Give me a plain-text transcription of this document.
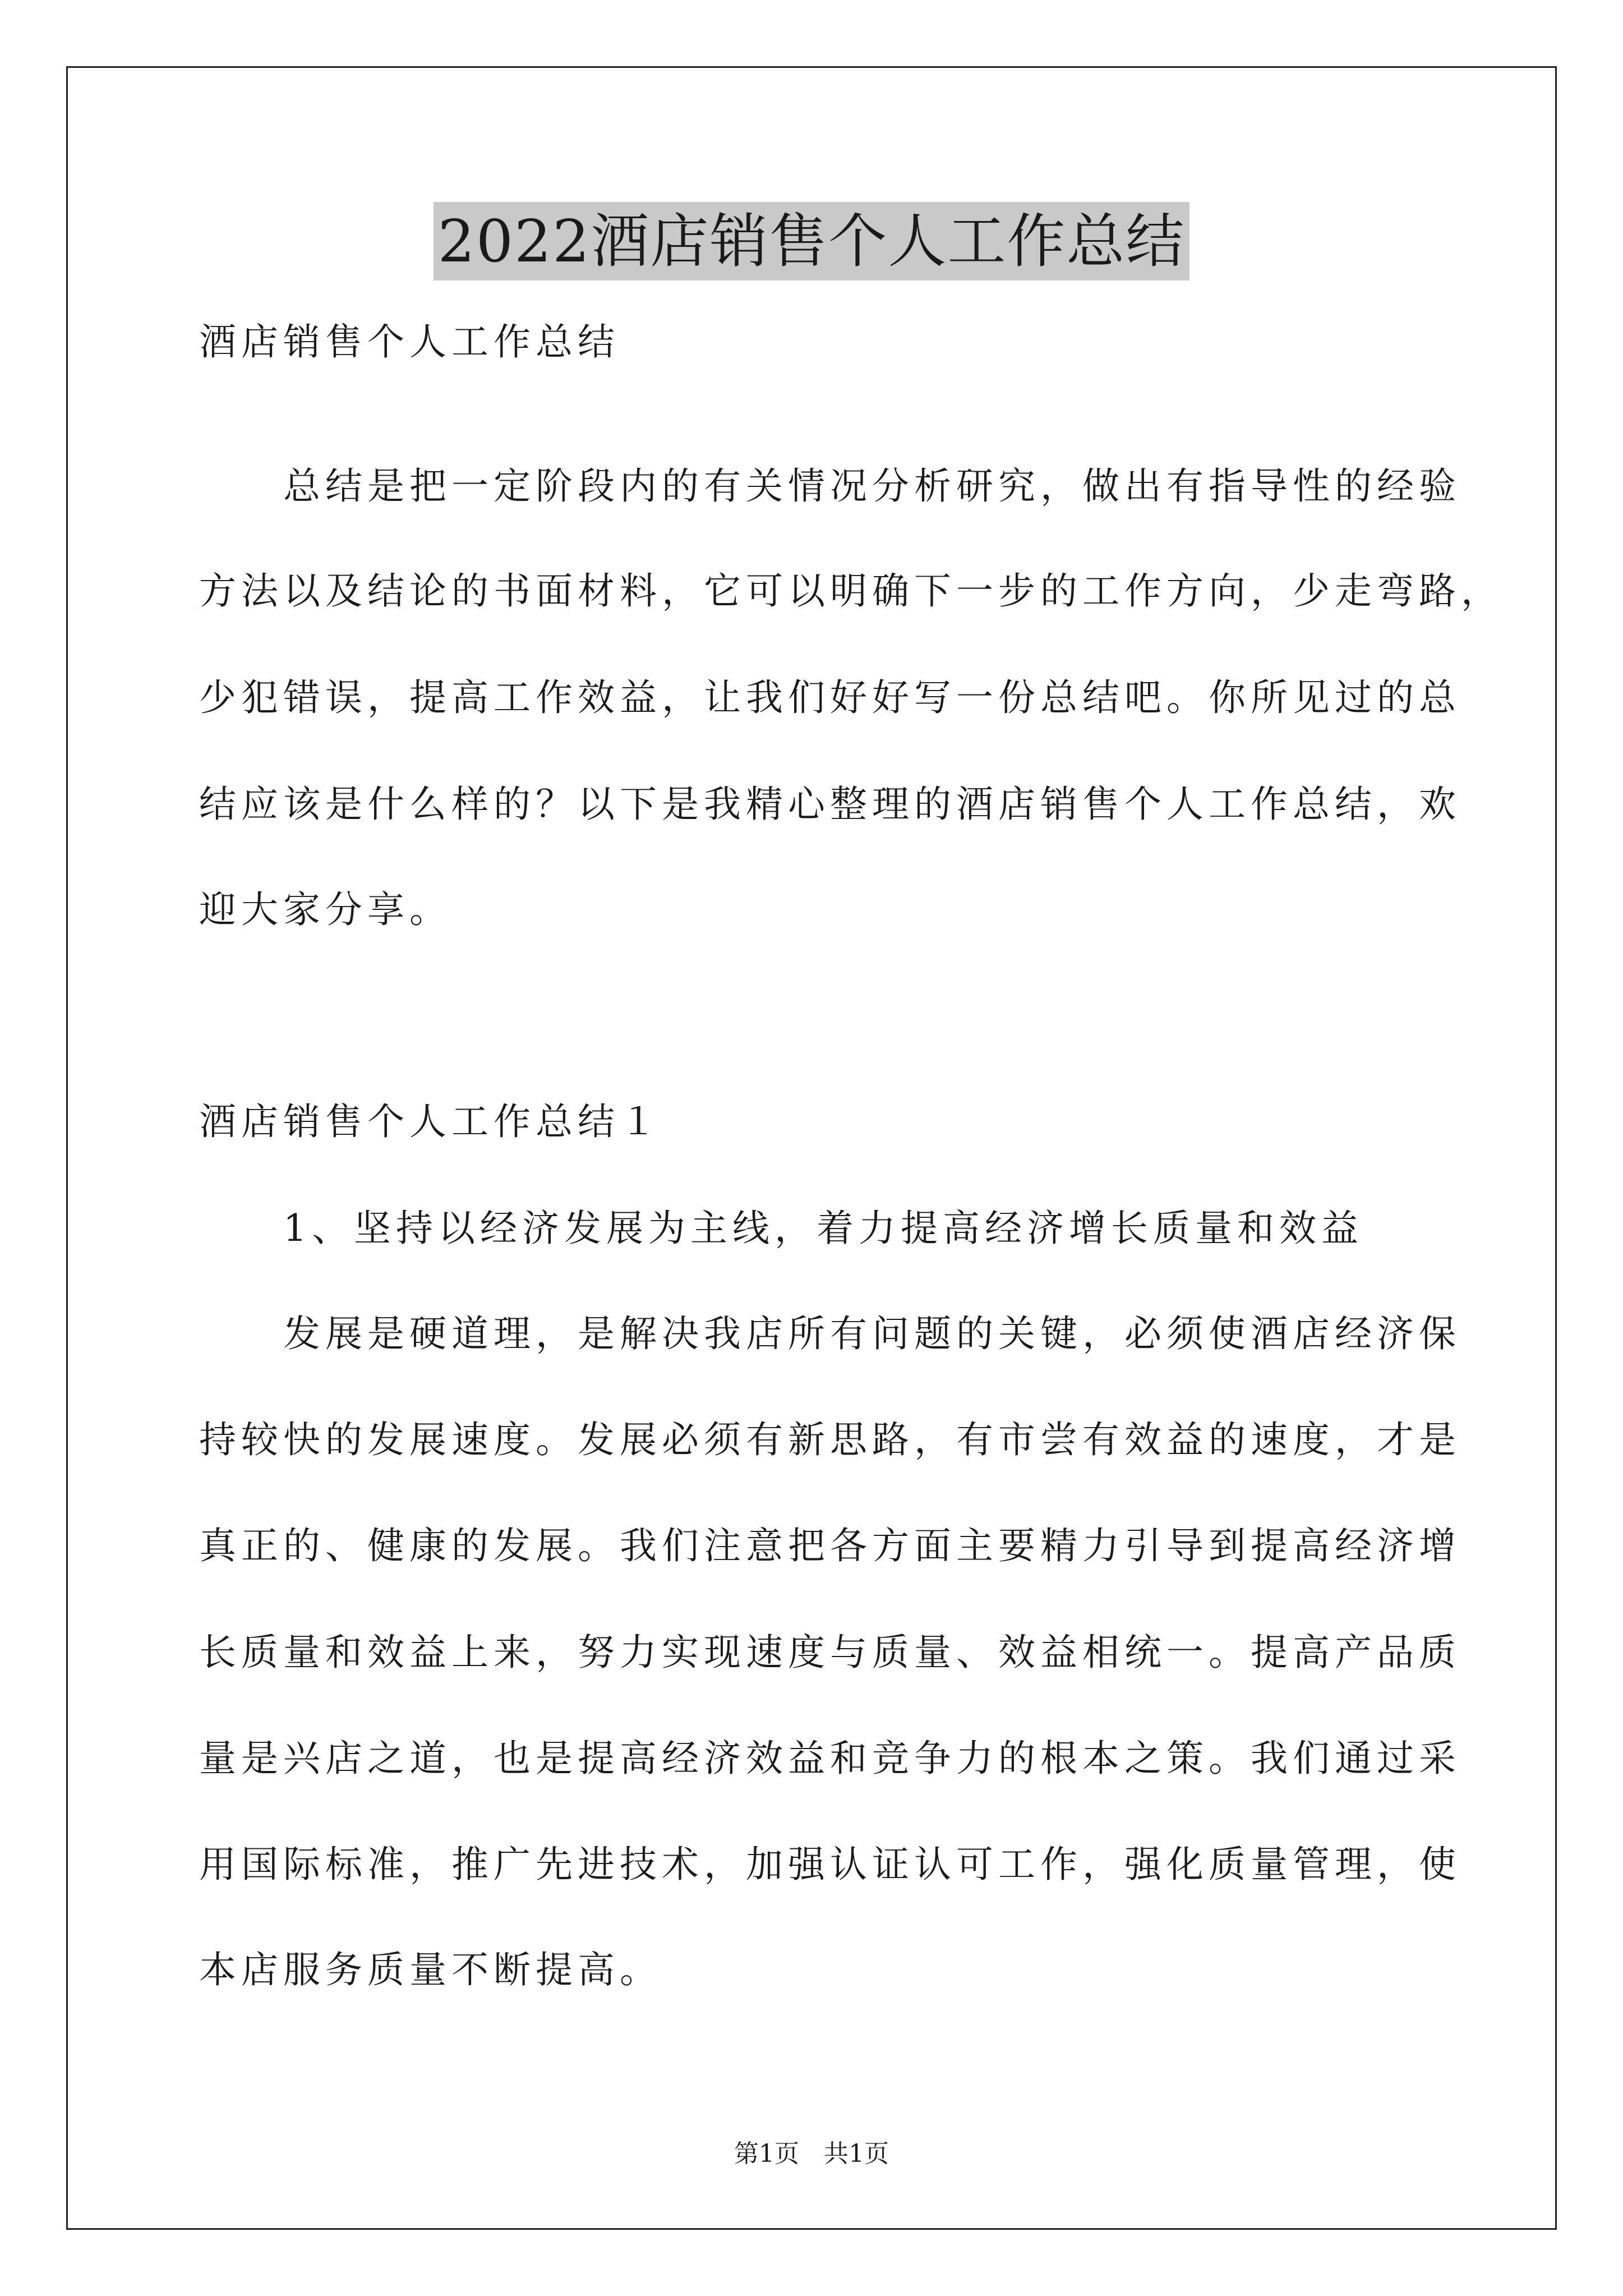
2022酒店销售个人工作总结
酒店销售个人工作总结
　　总结是把一定阶段内的有关情况分析研究，做出有指导性的经验
方法以及结论的书面材料，它可以明确下一步的工作方向，少走弯路，
少犯错误，提高工作效益，让我们好好写一份总结吧。你所见过的总
结应该是什么样的？以下是我精心整理的酒店销售个人工作总结，欢
迎大家分享。
酒店销售个人工作总结１
　　1、坚持以经济发展为主线，着力提高经济增长质量和效益
　　发展是硬道理，是解决我店所有问题的关键，必须使酒店经济保
持较快的发展速度。发展必须有新思路，有市尝有效益的速度，才是
真正的、健康的发展。我们注意把各方面主要精力引导到提高经济增
长质量和效益上来，努力实现速度与质量、效益相统一。提高产品质
量是兴店之道，也是提高经济效益和竞争力的根本之策。我们通过采
用国际标准，推广先进技术，加强认证认可工作，强化质量管理，使
本店服务质量不断提高。
第1页 共1页
